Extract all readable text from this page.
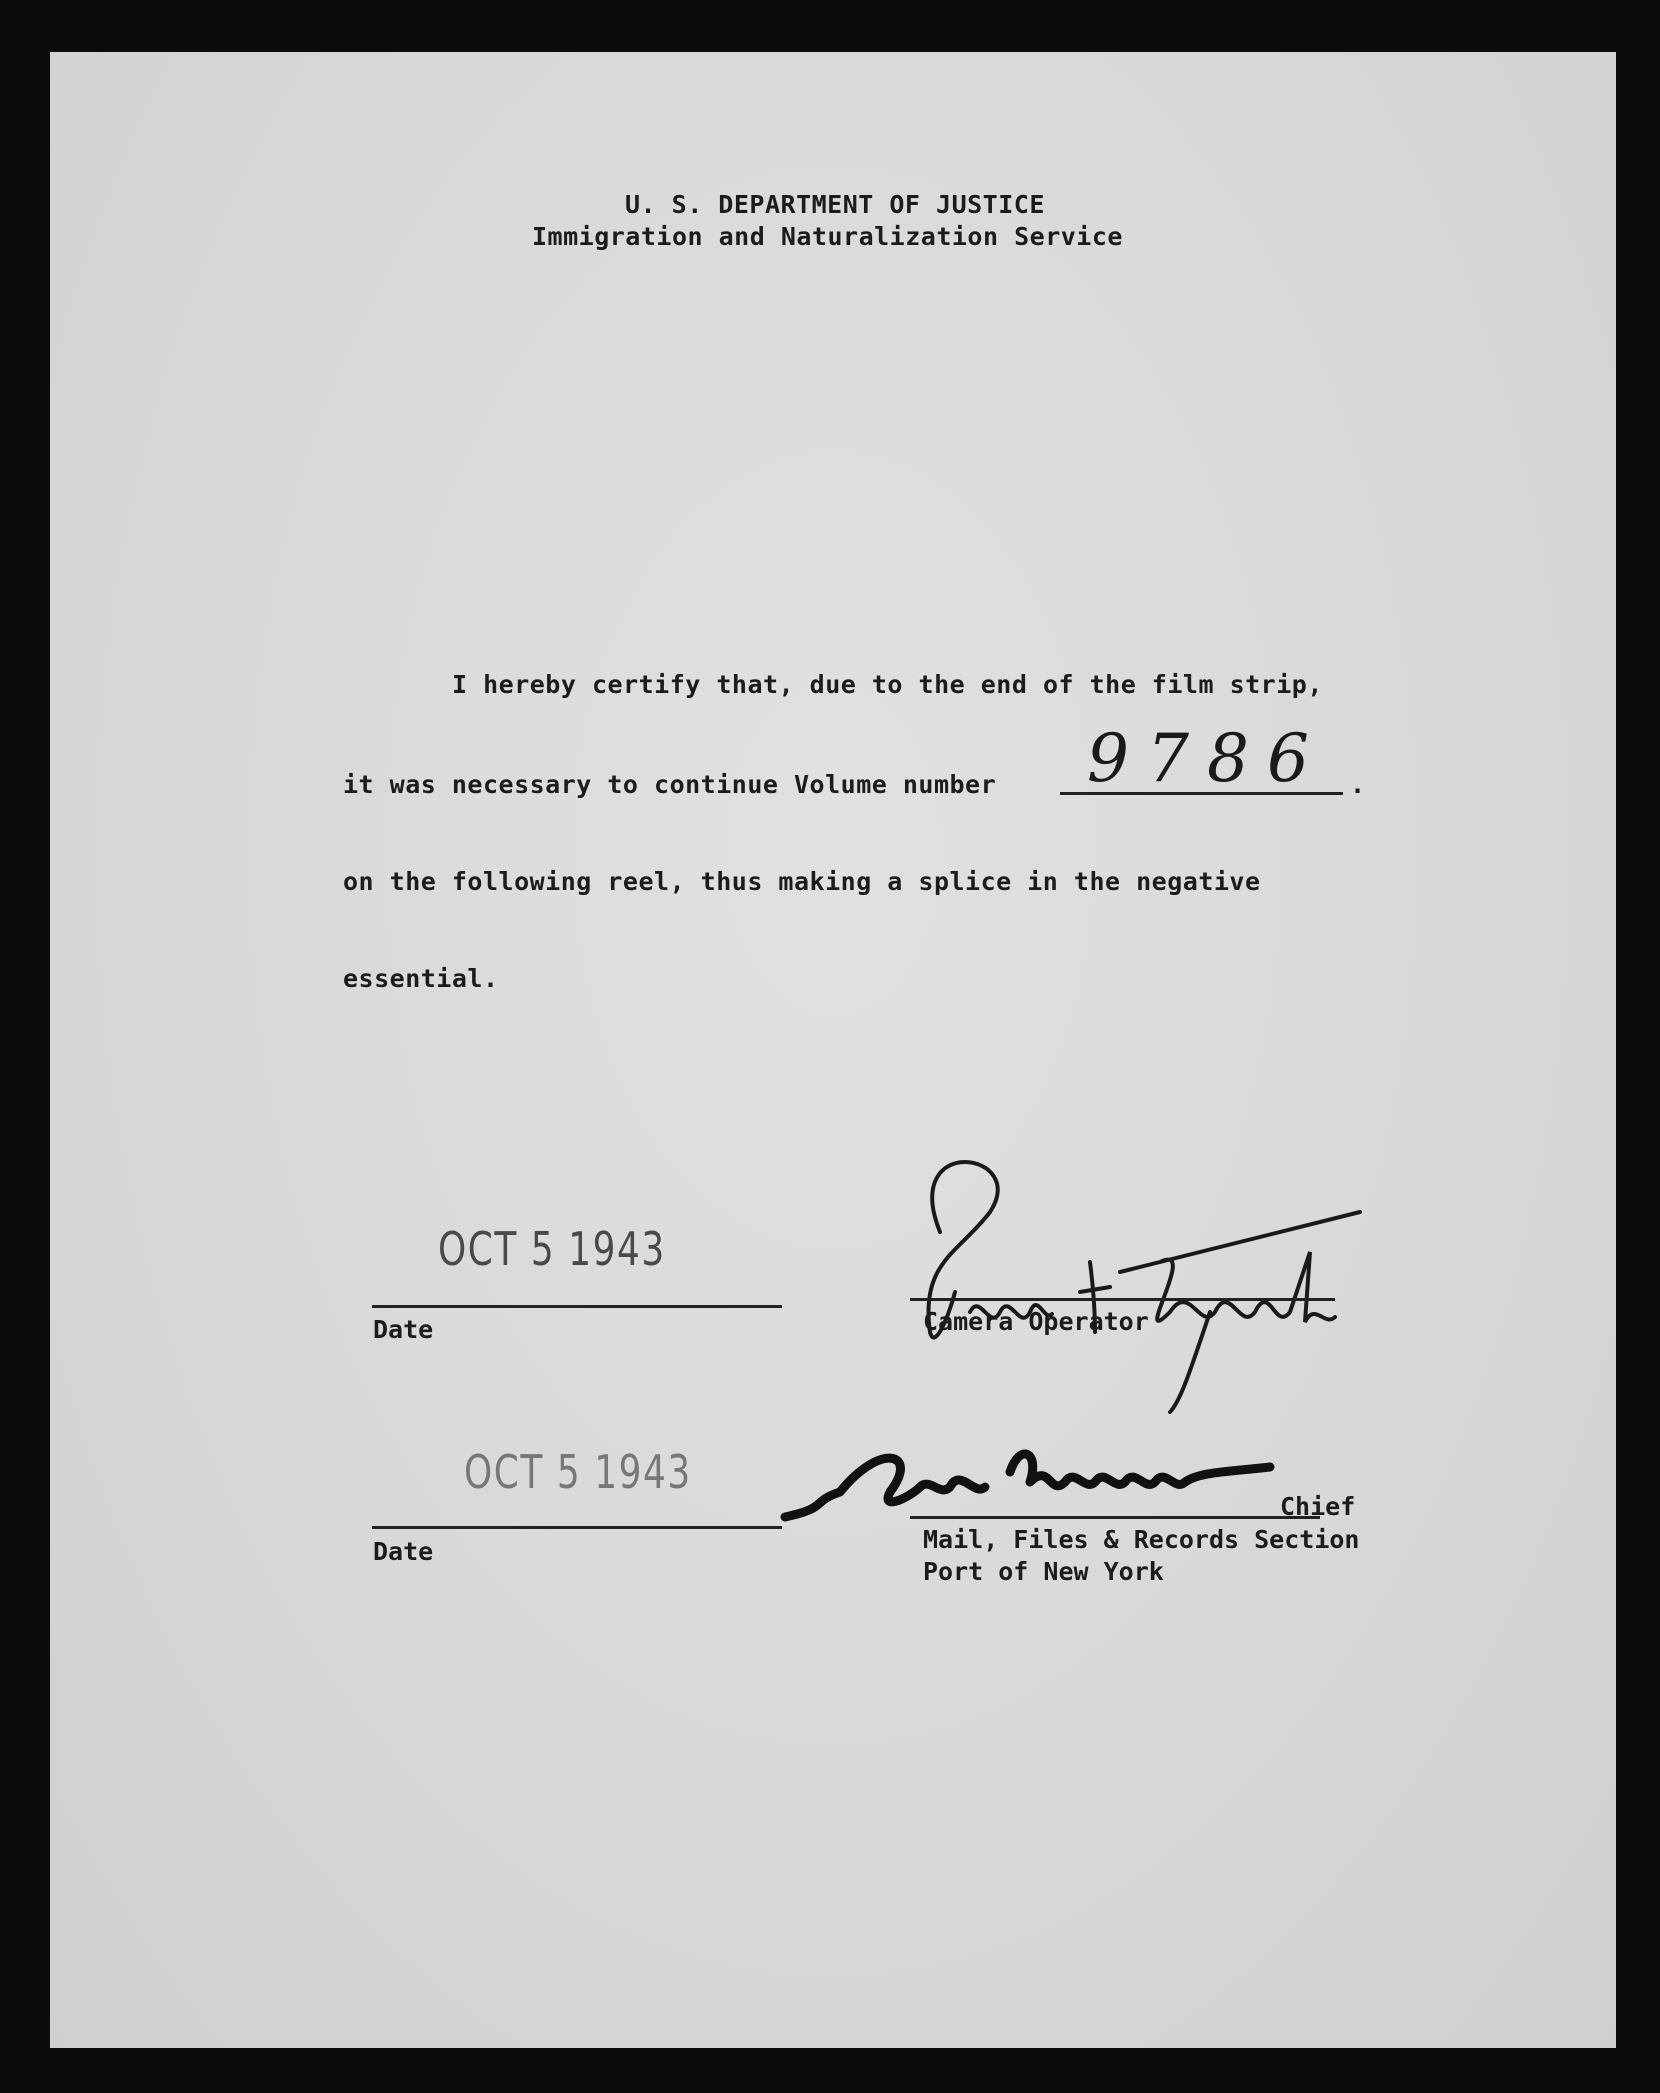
U. S. DEPARTMENT OF JUSTICE
Immigration and Naturalization Service
I hereby certify that, due to the end of the film strip,
it was necessary to continue Volume number 9786 .
on the following reel, thus making a splice in the negative
essential.
OCT 5 1943
Date	Camera Operator
OCT 5 1943
Date
Chief
Mail, Files & Records Section
Port of New York
